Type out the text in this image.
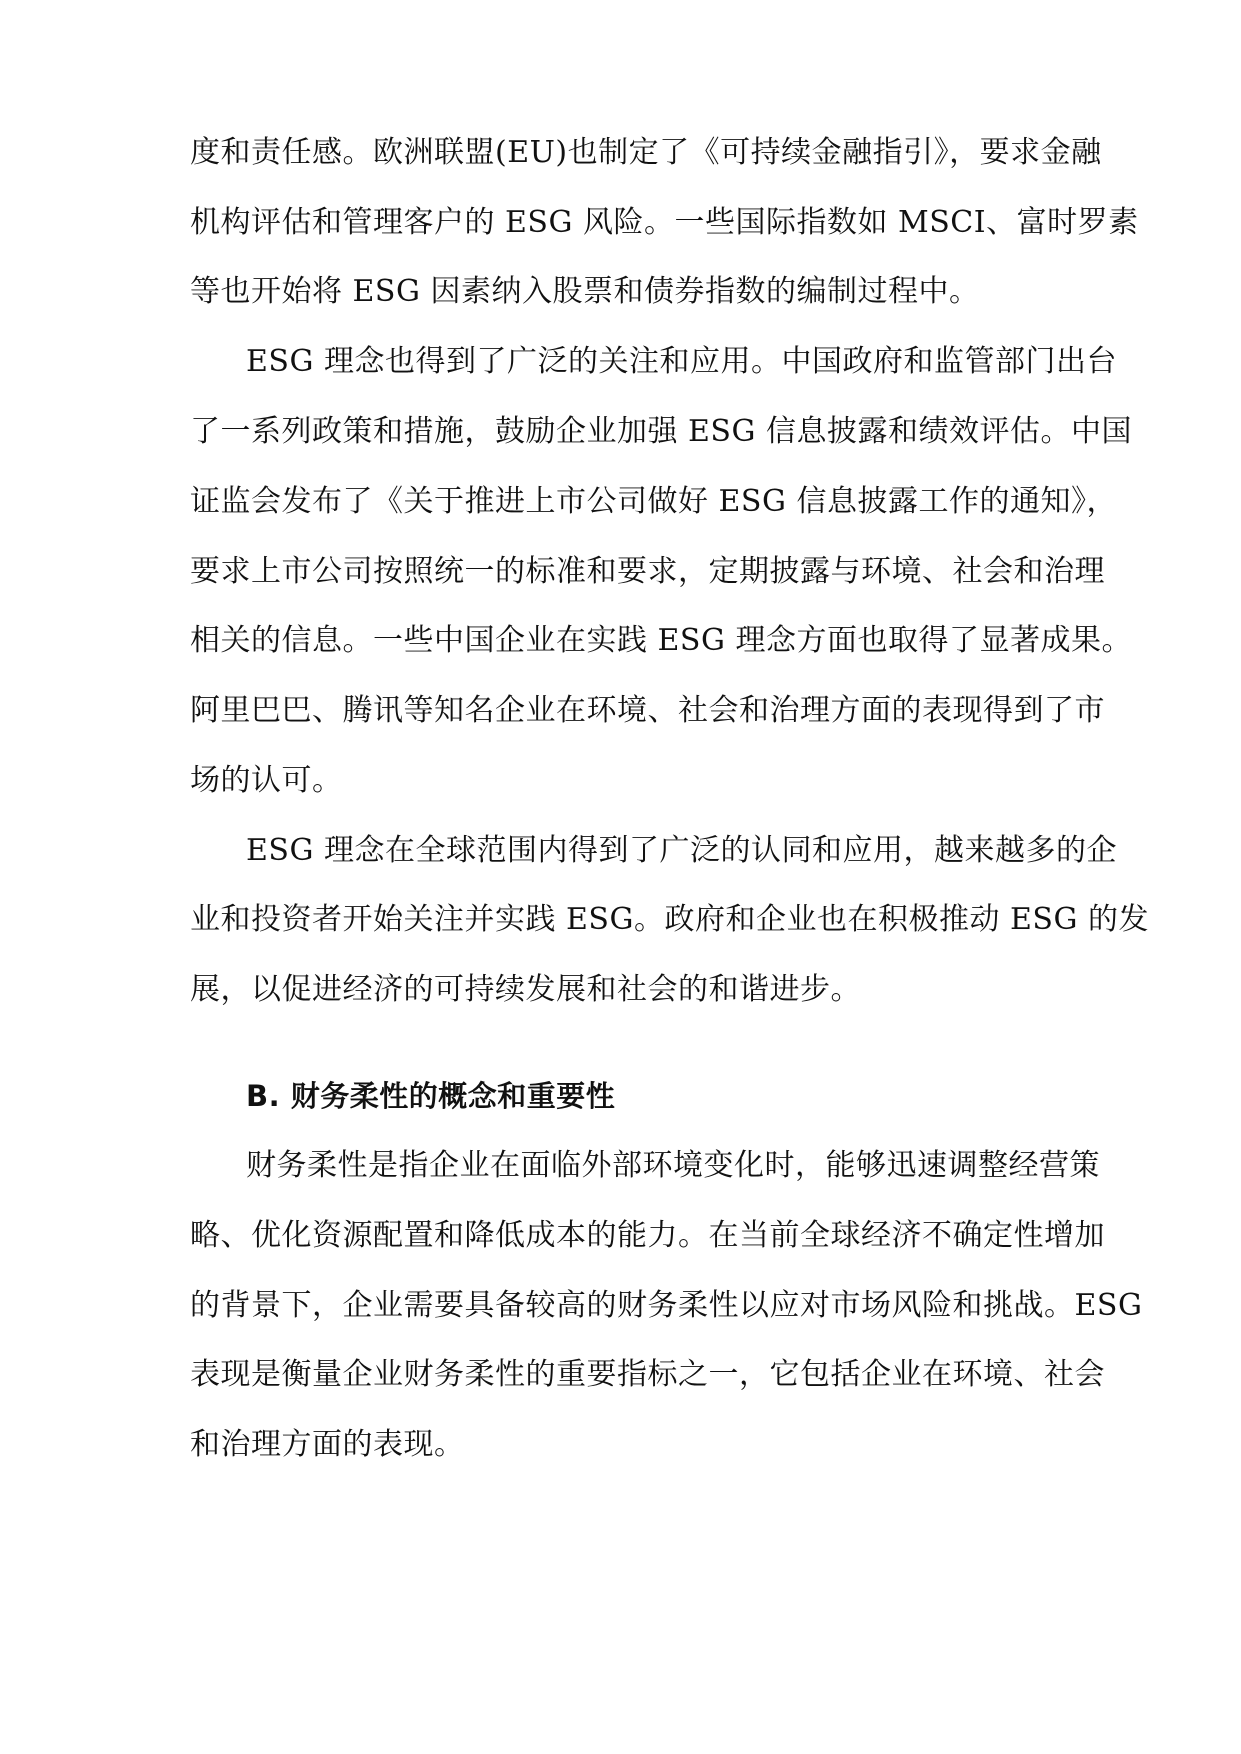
度和责任感。欧洲联盟(EU)也制定了《可持续金融指引》，要求金融
机构评估和管理客户的 ESG 风险。一些国际指数如 MSCI、富时罗素
等也开始将 ESG 因素纳入股票和债券指数的编制过程中。
ESG 理念也得到了广泛的关注和应用。中国政府和监管部门出台
了一系列政策和措施，鼓励企业加强 ESG 信息披露和绩效评估。中国
证监会发布了《关于推进上市公司做好 ESG 信息披露工作的通知》，
要求上市公司按照统一的标准和要求，定期披露与环境、社会和治理
相关的信息。一些中国企业在实践 ESG 理念方面也取得了显著成果。
阿里巴巴、腾讯等知名企业在环境、社会和治理方面的表现得到了市
场的认可。
ESG 理念在全球范围内得到了广泛的认同和应用，越来越多的企
业和投资者开始关注并实践 ESG。政府和企业也在积极推动 ESG 的发
展，以促进经济的可持续发展和社会的和谐进步。
B. 财务柔性的概念和重要性
财务柔性是指企业在面临外部环境变化时，能够迅速调整经营策
略、优化资源配置和降低成本的能力。在当前全球经济不确定性增加
的背景下，企业需要具备较高的财务柔性以应对市场风险和挑战。ESG
表现是衡量企业财务柔性的重要指标之一，它包括企业在环境、社会
和治理方面的表现。
